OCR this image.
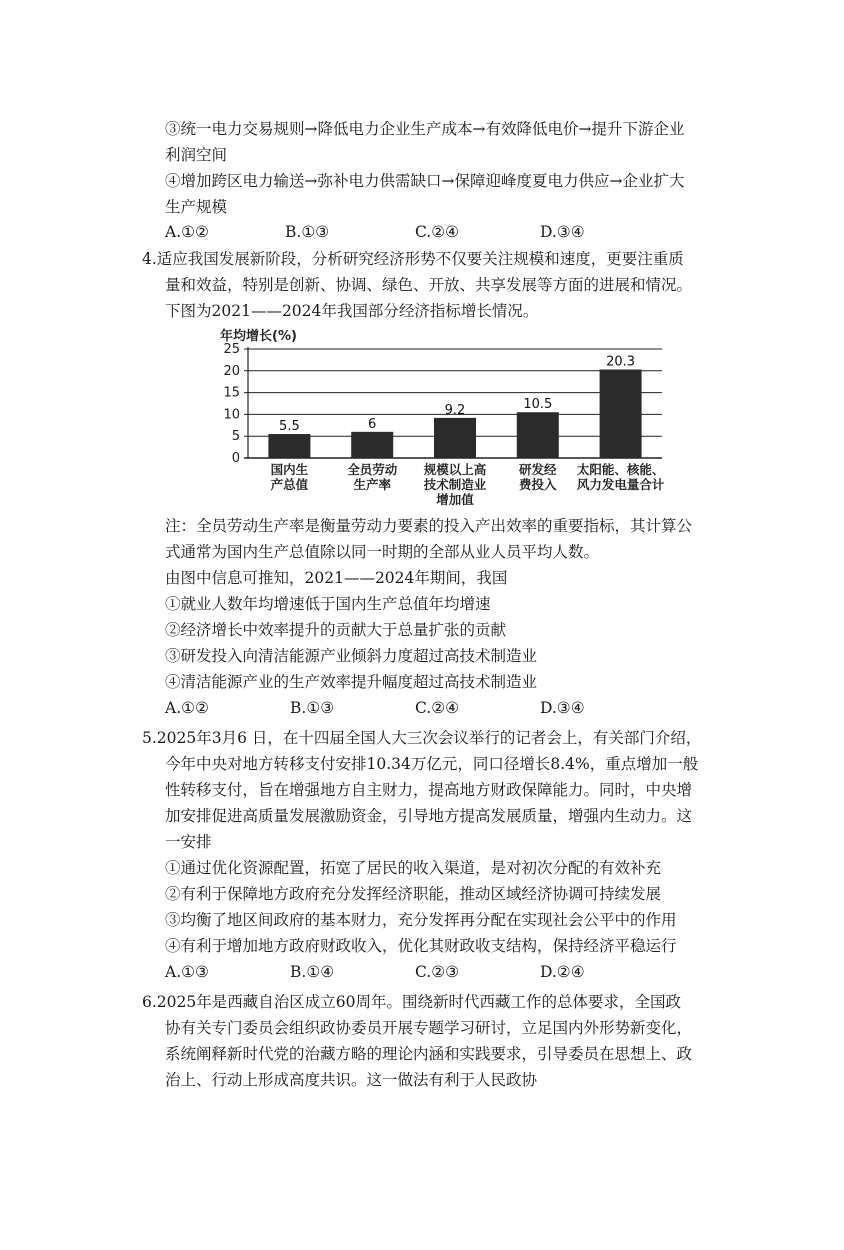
③统一电力交易规则→降低电力企业生产成本→有效降低电价→提升下游企业
利润空间
④增加跨区电力输送→弥补电力供需缺口→保障迎峰度夏电力供应→企业扩大
生产规模
A.①②	B.①③	C.②④	D.③④
4.适应我国发展新阶段，分析研究经济形势不仅要关注规模和速度，更要注重质
量和效益，特别是创新、协调、绿色、开放、共享发展等方面的进展和情况。
下图为2021——2024年我国部分经济指标增长情况。
年均增长(%)
0
5
10
15
20
25
5.5	6
9.2	10.5
20.3
国内生
产总值
全员劳动
生产率
规模以上高
技术制造业
增加值
研发经
费投入
太阳能、核能、
风力发电量合计
注：全员劳动生产率是衡量劳动力要素的投入产出效率的重要指标，其计算公
式通常为国内生产总值除以同一时期的全部从业人员平均人数。
由图中信息可推知，2021——2024年期间，我国
①就业人数年均增速低于国内生产总值年均增速
②经济增长中效率提升的贡献大于总量扩张的贡献
③研发投入向清洁能源产业倾斜力度超过高技术制造业
④清洁能源产业的生产效率提升幅度超过高技术制造业
A.①②	B.①③	C.②④	D.③④
5.2025年3月6 日，在十四届全国人大三次会议举行的记者会上，有关部门介绍，
今年中央对地方转移支付安排10.34万亿元，同口径增长8.4%，重点增加一般
性转移支付，旨在增强地方自主财力，提高地方财政保障能力。同时，中央增
加安排促进高质量发展激励资金，引导地方提高发展质量，增强内生动力。这
一安排
①通过优化资源配置，拓宽了居民的收入渠道，是对初次分配的有效补充
②有利于保障地方政府充分发挥经济职能，推动区域经济协调可持续发展
③均衡了地区间政府的基本财力，充分发挥再分配在实现社会公平中的作用
④有利于增加地方政府财政收入，优化其财政收支结构，保持经济平稳运行
A.①③	B.①④	C.②③	D.②④
6.2025年是西藏自治区成立60周年。围绕新时代西藏工作的总体要求，全国政
协有关专门委员会组织政协委员开展专题学习研讨，立足国内外形势新变化，
系统阐释新时代党的治藏方略的理论内涵和实践要求，引导委员在思想上、政
治上、行动上形成高度共识。这一做法有利于人民政协
